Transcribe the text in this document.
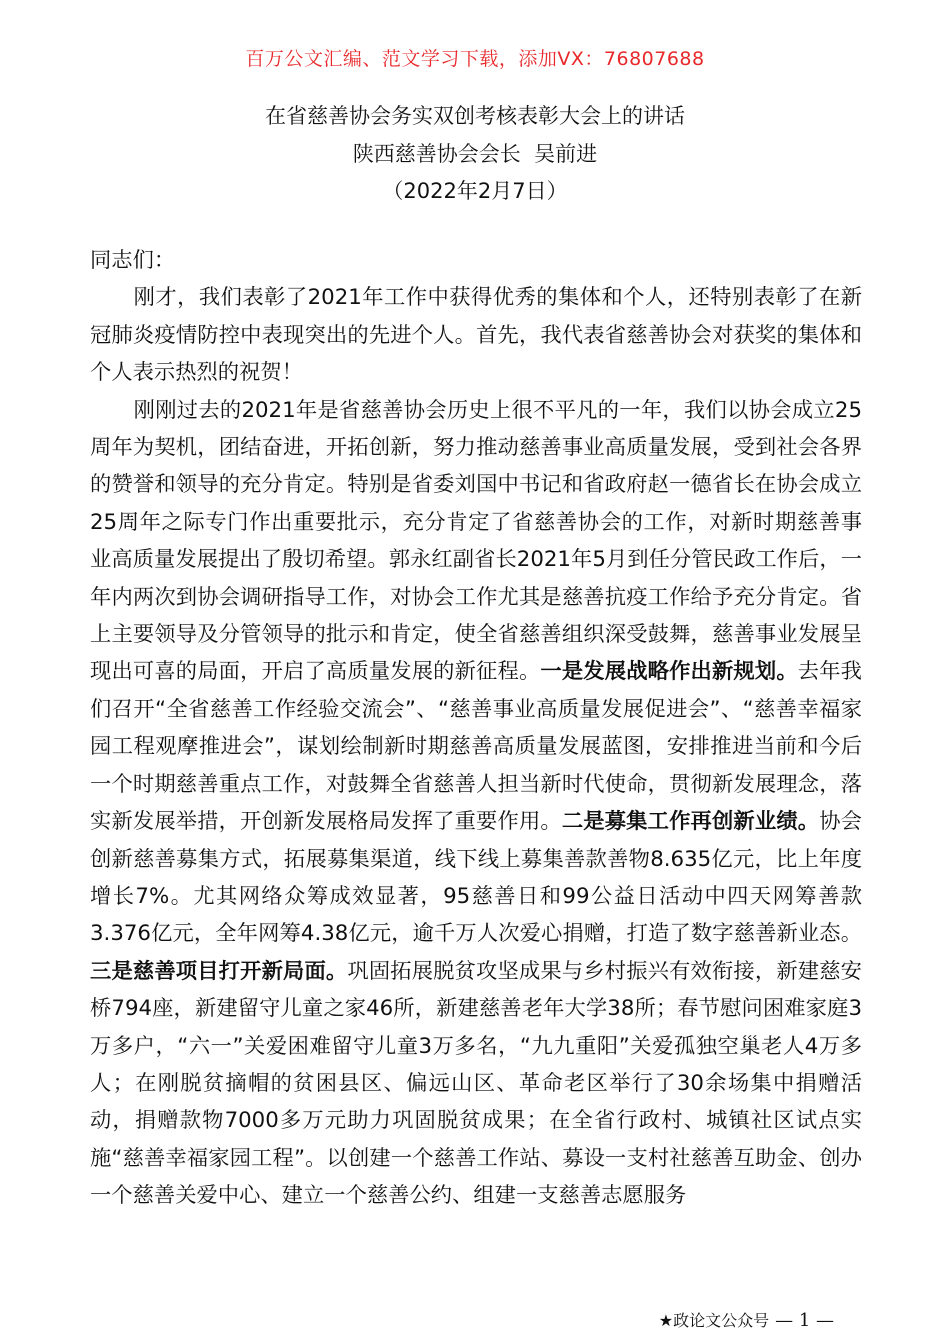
百万公文汇编、范文学习下载，添加VX：76807688
在省慈善协会务实双创考核表彰大会上的讲话
陕西慈善协会会长  吴前进
（2022年2月7日）

同志们：

刚才，我们表彰了2021年工作中获得优秀的集体和个人，还特别表彰了在新冠肺炎疫情防控中表现突出的先进个人。首先，我代表省慈善协会对获奖的集体和个人表示热烈的祝贺！

刚刚过去的2021年是省慈善协会历史上很不平凡的一年，我们以协会成立25周年为契机，团结奋进，开拓创新，努力推动慈善事业高质量发展，受到社会各界的赞誉和领导的充分肯定。特别是省委刘国中书记和省政府赵一德省长在协会成立25周年之际专门作出重要批示，充分肯定了省慈善协会的工作，对新时期慈善事业高质量发展提出了殷切希望。郭永红副省长2021年5月到任分管民政工作后，一年内两次到协会调研指导工作，对协会工作尤其是慈善抗疫工作给予充分肯定。省上主要领导及分管领导的批示和肯定，使全省慈善组织深受鼓舞，慈善事业发展呈现出可喜的局面，开启了高质量发展的新征程。一是发展战略作出新规划。去年我们召开“全省慈善工作经验交流会”、“慈善事业高质量发展促进会”、“慈善幸福家园工程观摩推进会”，谋划绘制新时期慈善高质量发展蓝图，安排推进当前和今后一个时期慈善重点工作，对鼓舞全省慈善人担当新时代使命，贯彻新发展理念，落实新发展举措，开创新发展格局发挥了重要作用。二是募集工作再创新业绩。协会创新慈善募集方式，拓展募集渠道，线下线上募集善款善物8.635亿元，比上年度增长7%。尤其网络众筹成效显著，95慈善日和99公益日活动中四天网筹善款3.376亿元，全年网筹4.38亿元，逾千万人次爱心捐赠，打造了数字慈善新业态。三是慈善项目打开新局面。巩固拓展脱贫攻坚成果与乡村振兴有效衔接，新建慈安桥794座，新建留守儿童之家46所，新建慈善老年大学38所；春节慰问困难家庭3万多户，“六一”关爱困难留守儿童3万多名，“九九重阳”关爱孤独空巢老人4万多人；在刚脱贫摘帽的贫困县区、偏远山区、革命老区举行了30余场集中捐赠活动，捐赠款物7000多万元助力巩固脱贫成果；在全省行政村、城镇社区试点实施“慈善幸福家园工程”。以创建一个慈善工作站、募设一支村社慈善互助金、创办一个慈善关爱中心、建立一个慈善公约、组建一支慈善志愿服务

★政论文公众号 — 1 —
